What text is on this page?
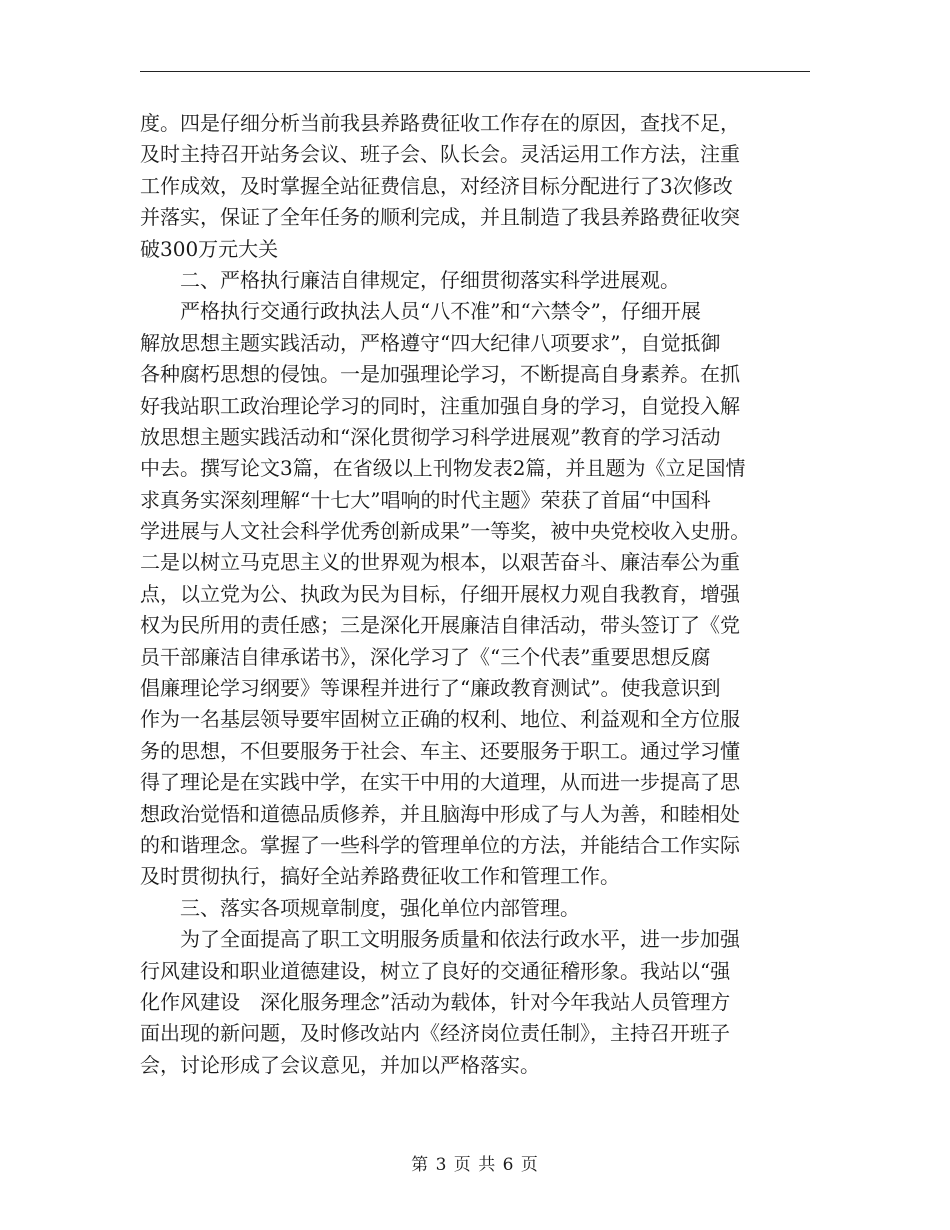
度。四是仔细分析当前我县养路费征收工作存在的原因，查找不足，
及时主持召开站务会议、班子会、队长会。灵活运用工作方法，注重
工作成效，及时掌握全站征费信息，对经济目标分配进行了3次修改
并落实，保证了全年任务的顺利完成，并且制造了我县养路费征收突
破300万元大关
　　二、严格执行廉洁自律规定，仔细贯彻落实科学进展观。
　　严格执行交通行政执法人员“八不准”和“六禁令”，仔细开展
解放思想主题实践活动，严格遵守“四大纪律八项要求”，自觉抵御
各种腐朽思想的侵蚀。一是加强理论学习，不断提高自身素养。在抓
好我站职工政治理论学习的同时，注重加强自身的学习，自觉投入解
放思想主题实践活动和“深化贯彻学习科学进展观”教育的学习活动
中去。撰写论文3篇，在省级以上刊物发表2篇，并且题为《立足国情
求真务实深刻理解“十七大”唱响的时代主题》荣获了首届“中国科
学进展与人文社会科学优秀创新成果”一等奖，被中央党校收入史册。
二是以树立马克思主义的世界观为根本，以艰苦奋斗、廉洁奉公为重
点，以立党为公、执政为民为目标，仔细开展权力观自我教育，增强
权为民所用的责任感；三是深化开展廉洁自律活动，带头签订了《党
员干部廉洁自律承诺书》，深化学习了《“三个代表”重要思想反腐
倡廉理论学习纲要》等课程并进行了“廉政教育测试”。使我意识到
作为一名基层领导要牢固树立正确的权利、地位、利益观和全方位服
务的思想，不但要服务于社会、车主、还要服务于职工。通过学习懂
得了理论是在实践中学，在实干中用的大道理，从而进一步提高了思
想政治觉悟和道德品质修养，并且脑海中形成了与人为善，和睦相处
的和谐理念。掌握了一些科学的管理单位的方法，并能结合工作实际
及时贯彻执行，搞好全站养路费征收工作和管理工作。
　　三、落实各项规章制度，强化单位内部管理。
　　为了全面提高了职工文明服务质量和依法行政水平，进一步加强
行风建设和职业道德建设，树立了良好的交通征稽形象。我站以“强
化作风建设　深化服务理念”活动为载体，针对今年我站人员管理方
面出现的新问题，及时修改站内《经济岗位责任制》，主持召开班子
会，讨论形成了会议意见，并加以严格落实。
第 3 页 共 6 页
